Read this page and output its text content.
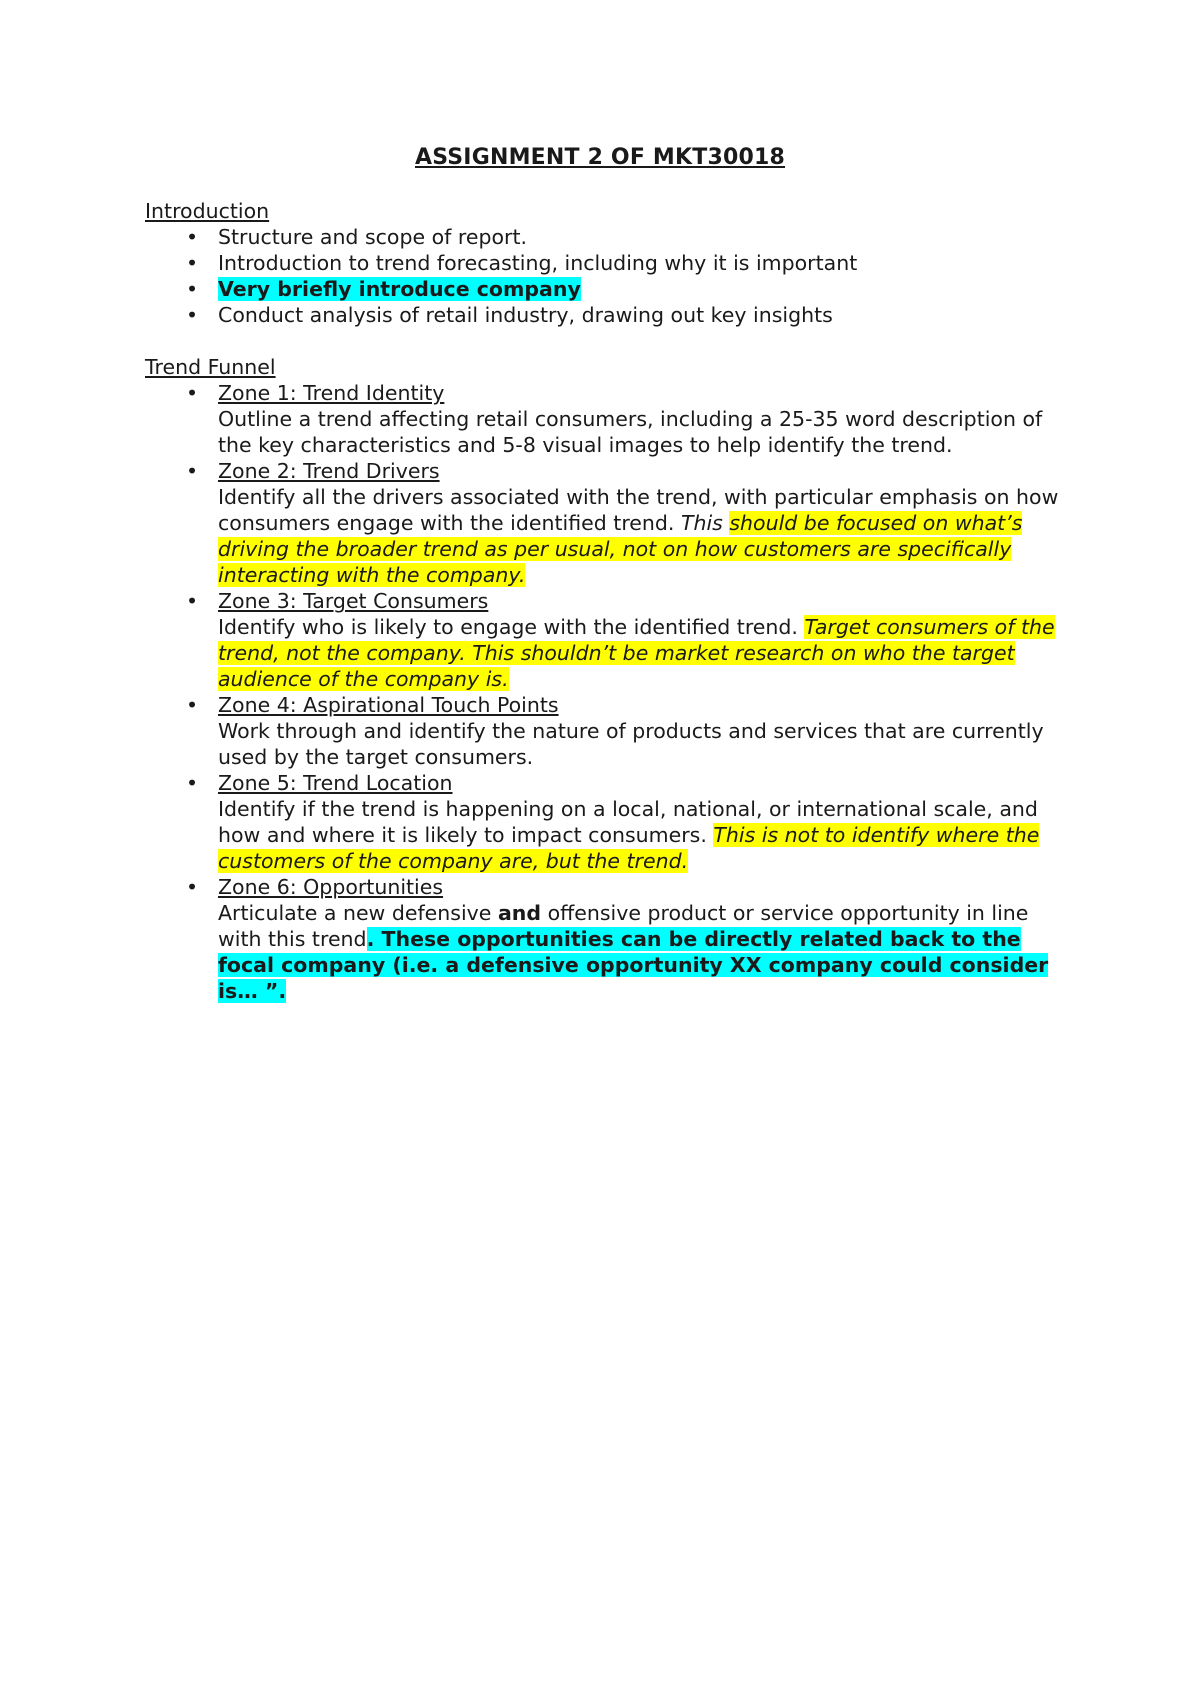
ASSIGNMENT 2 OF MKT30018

Introduction

• Structure and scope of report.
• Introduction to trend forecasting, including why it is important
• Very briefly introduce company
• Conduct analysis of retail industry, drawing out key insights

Trend Funnel

• Zone 1: Trend Identity
Outline a trend affecting retail consumers, including a 25-35 word description of the key characteristics and 5-8 visual images to help identify the trend.
• Zone 2: Trend Drivers
Identify all the drivers associated with the trend, with particular emphasis on how consumers engage with the identified trend. This should be focused on what’s driving the broader trend as per usual, not on how customers are specifically interacting with the company.
• Zone 3: Target Consumers
Identify who is likely to engage with the identified trend. Target consumers of the trend, not the company. This shouldn’t be market research on who the target audience of the company is.
• Zone 4: Aspirational Touch Points
Work through and identify the nature of products and services that are currently used by the target consumers.
• Zone 5: Trend Location
Identify if the trend is happening on a local, national, or international scale, and how and where it is likely to impact consumers. This is not to identify where the customers of the company are, but the trend.
• Zone 6: Opportunities
Articulate a new defensive and offensive product or service opportunity in line with this trend. These opportunities can be directly related back to the focal company (i.e. a defensive opportunity XX company could consider is… ”.
